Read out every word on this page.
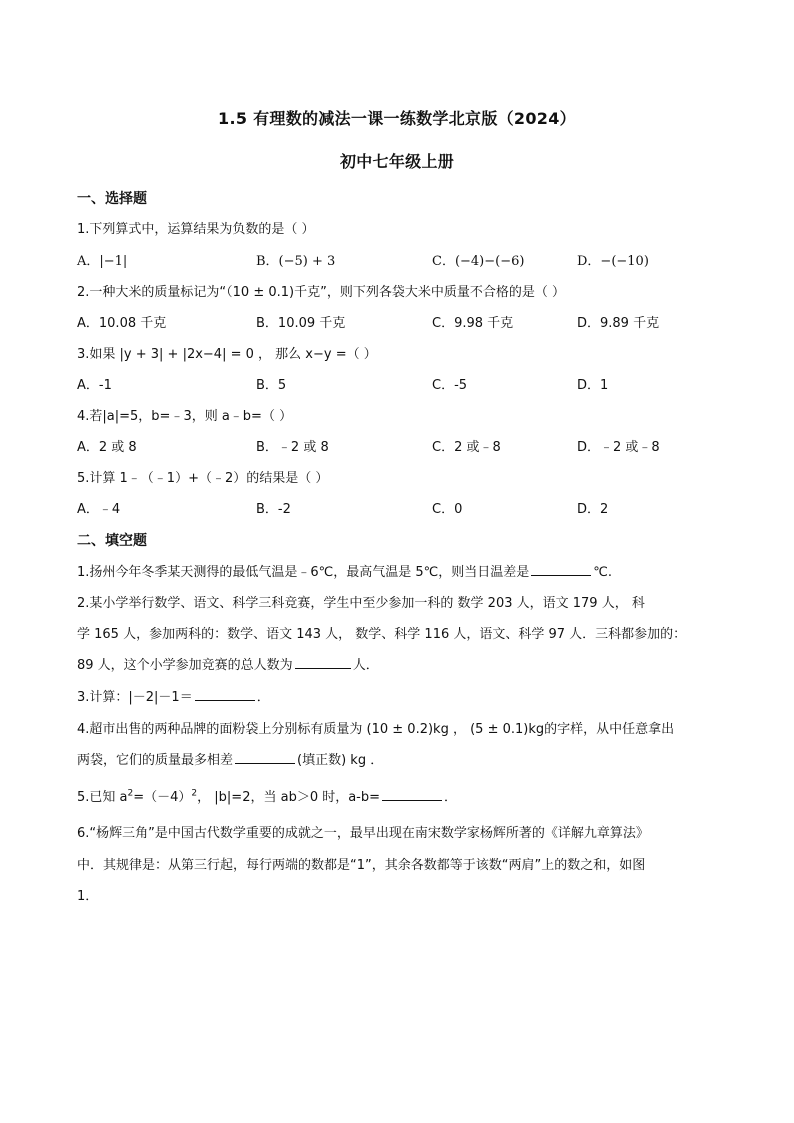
1.5 有理数的减法一课一练数学北京版（2024）
初中七年级上册
一、选择题
1.下列算式中，运算结果为负数的是（ ）
A．|−1|	B．(−5) + 3	C．(−4)−(−6)	D．−(−10)
2.一种大米的质量标记为“（10 ± 0.1)千克”，则下列各袋大米中质量不合格的是（ ）
A．10.08 千克	B．10.09 千克	C．9.98 千克	D．9.89 千克
3.如果 |y + 3| + |2x−4| = 0 ， 那么 x−y =（ ）
A．-1	B．5	C．-5	D．1
4.若|a|=5，b=﹣3，则 a﹣b=（ ）
A．2 或 8	B．﹣2 或 8	C．2 或﹣8	D．﹣2 或﹣8
5.计算 1﹣（﹣1）+（﹣2）的结果是（ ）
A．﹣4	B．-2	C．0	D．2
二、填空题
1.扬州今年冬季某天测得的最低气温是﹣6℃，最高气温是 5℃，则当日温差是	℃.
2.某小学举行数学、语文、科学三科竞赛，学生中至少参加一科的 数学 203 人，语文 179 人， 科
学 165 人，参加两科的：数学、语文 143 人， 数学、科学 116 人，语文、科学 97 人．三科都参加的：
89 人，这个小学参加竞赛的总人数为	人．
3.计算：|－2|－1＝	．
4.超市出售的两种品牌的面粉袋上分别标有质量为 (10 ± 0.2)kg ， (5 ± 0.1)kg的字样，从中任意拿出
两袋，它们的质量最多相差	(填正数) kg ．
5.已知 $a^2=(-4)^2$， |b|=2，当 ab＞0 时，a-b=	．
6.“杨辉三角”是中国古代数学重要的成就之一，最早出现在南宋数学家杨辉所著的《详解九章算法》
中．其规律是：从第三行起，每行两端的数都是“1”，其余各数都等于该数“两肩”上的数之和，如图
1．
